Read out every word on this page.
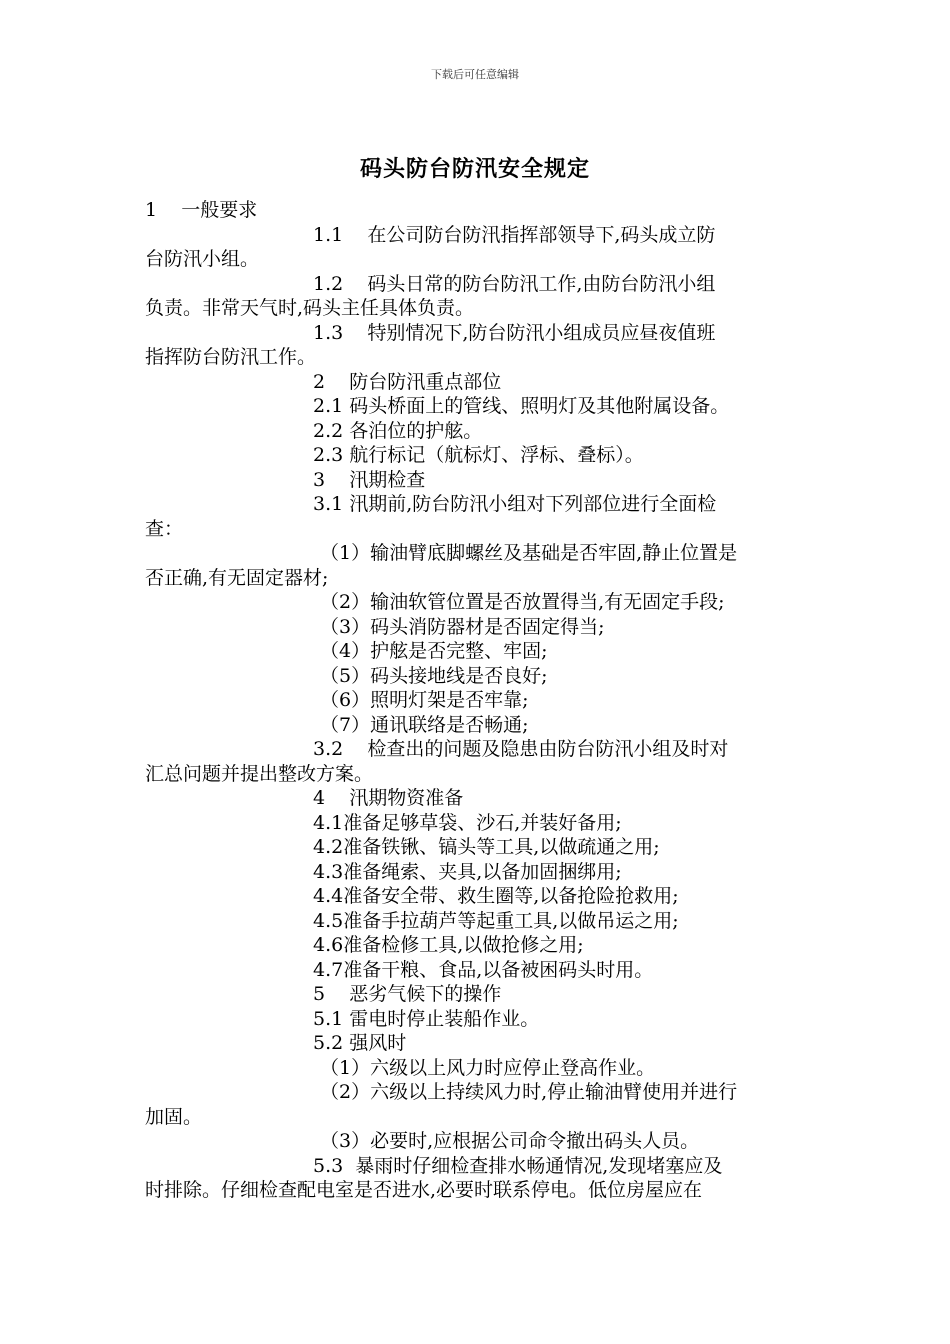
下载后可任意编辑
码头防台防汛安全规定
1    一般要求
1.1    在公司防台防汛指挥部领导下,码头成立防
台防汛小组。
1.2    码头日常的防台防汛工作,由防台防汛小组
负责。非常天气时,码头主任具体负责。
1.3    特别情况下,防台防汛小组成员应昼夜值班
指挥防台防汛工作。
2    防台防汛重点部位
2.1 码头桥面上的管线、照明灯及其他附属设备。
2.2 各泊位的护舷。
2.3 航行标记（航标灯、浮标、叠标）。
3    汛期检查
3.1 汛期前,防台防汛小组对下列部位进行全面检
查：
（1）输油臂底脚螺丝及基础是否牢固,静止位置是
否正确,有无固定器材;
（2）输油软管位置是否放置得当,有无固定手段;
（3）码头消防器材是否固定得当;
（4）护舷是否完整、牢固;
（5）码头接地线是否良好;
（6）照明灯架是否牢靠;
（7）通讯联络是否畅通;
3.2    检查出的问题及隐患由防台防汛小组及时对
汇总问题并提出整改方案。
4    汛期物资准备
4.1准备足够草袋、沙石,并装好备用;
4.2准备铁锹、镐头等工具,以做疏通之用;
4.3准备绳索、夹具,以备加固捆绑用;
4.4准备安全带、救生圈等,以备抢险抢救用;
4.5准备手拉葫芦等起重工具,以做吊运之用;
4.6准备检修工具,以做抢修之用;
4.7准备干粮、食品,以备被困码头时用。
5    恶劣气候下的操作
5.1 雷电时停止装船作业。
5.2 强风时
（1）六级以上风力时应停止登高作业。
（2）六级以上持续风力时,停止输油臂使用并进行
加固。
（3）必要时,应根据公司命令撤出码头人员。
5.3  暴雨时仔细检查排水畅通情况,发现堵塞应及
时排除。仔细检查配电室是否进水,必要时联系停电。低位房屋应在
